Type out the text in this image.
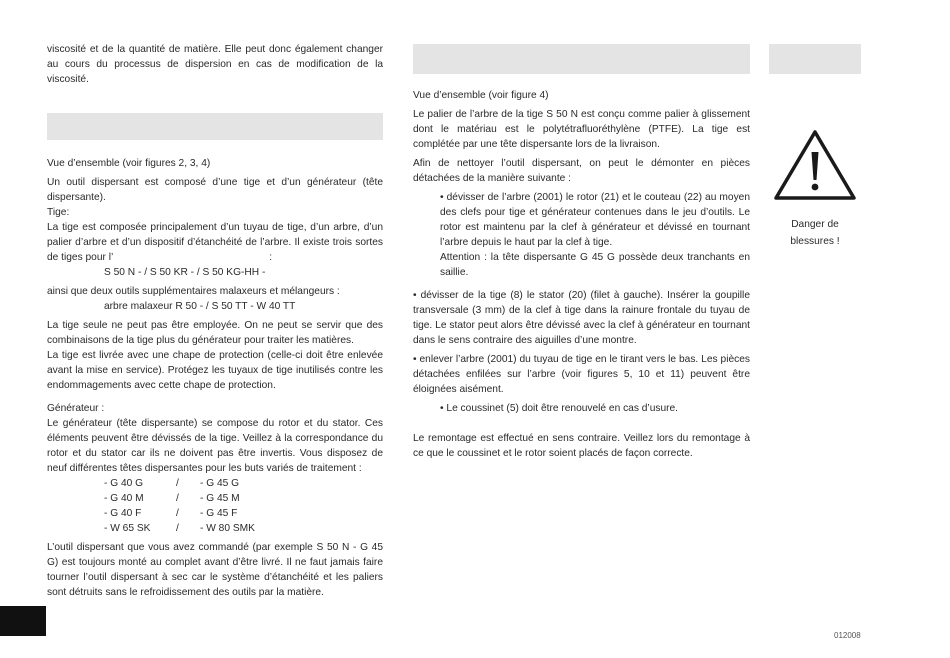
viscosité et de la quantité de matière. Elle peut donc également changer au cours du processus de dispersion en cas de modification de la viscosité.

Vue d’ensemble (voir figures 2, 3, 4)

Un outil dispersant est composé d’une tige et d’un générateur (tête dispersante).

Tige:

La tige est composée principalement d’un tuyau de tige, d’un arbre, d’un palier d’arbre et d’un dispositif d’étanchéité de l’arbre. Il existe trois sortes de tiges pour l’	:

S 50 N - / S 50 KR - / S 50 KG-HH -

ainsi que deux outils supplémentaires malaxeurs et mélangeurs :

arbre malaxeur R 50 - / S 50 TT - W 40 TT

La tige seule ne peut pas être employée. On ne peut se servir que des combinaisons de la tige plus du générateur pour traiter les matières.

La tige est livrée avec une chape de protection (celle-ci doit être enlevée avant la mise en service). Protégez les tuyaux de tige inutilisés contre les endommagements avec cette chape de protection.

Générateur :

Le générateur (tête dispersante) se compose du rotor et du stator. Ces éléments peuvent être dévissés de la tige. Veillez à la correspondance du rotor et du stator car ils ne doivent pas être invertis. Vous disposez de neuf différentes têtes dispersantes pour les buts variés de traitement :

- G 40 G	/	- G 45 G
- G 40 M	/	- G 45 M
- G 40 F	/	- G 45 F
- W 65 SK	/	- W 80 SMK

L’outil dispersant que vous avez commandé (par exemple S 50 N - G 45 G) est toujours monté au complet avant d’être livré. Il ne faut jamais faire tourner l’outil dispersant à sec car le système d’étanchéité et les paliers sont détruits sans le refroidissement des outils par la matière.

Vue d’ensemble (voir figure 4)

Le palier de l’arbre de la tige S 50 N est conçu comme palier à glissement dont le matériau est le polytétrafluoréthylène (PTFE). La tige est complétée par une tête dispersante lors de la livraison.

Afin de nettoyer l’outil dispersant, on peut le démonter en pièces détachées de la manière suivante :

• dévisser de l’arbre (2001) le rotor (21) et le couteau (22) au moyen des clefs pour tige et générateur contenues dans le jeu d’outils. Le rotor est maintenu par la clef à générateur et dévissé en tournant l’arbre depuis le haut par la clef à tige.

Attention : la tête dispersante G 45 G possède deux tranchants en saillie.

• dévisser de la tige (8) le stator (20) (filet à gauche). Insérer la goupille transversale (3 mm) de la clef à tige dans la rainure frontale du tuyau de tige. Le stator peut alors être dévissé avec la clef à générateur en tournant dans le sens contraire des aiguilles d’une montre.

• enlever l’arbre (2001) du tuyau de tige en le tirant vers le bas. Les pièces détachées enfilées sur l’arbre (voir figures 5, 10 et 11) peuvent être éloignées aisément.

• Le coussinet (5) doit être renouvelé en cas d’usure.

Le remontage est effectué en sens contraire. Veillez lors du remontage à ce que le coussinet et le rotor soient placés de façon correcte.

Danger de
blessures !
012008
